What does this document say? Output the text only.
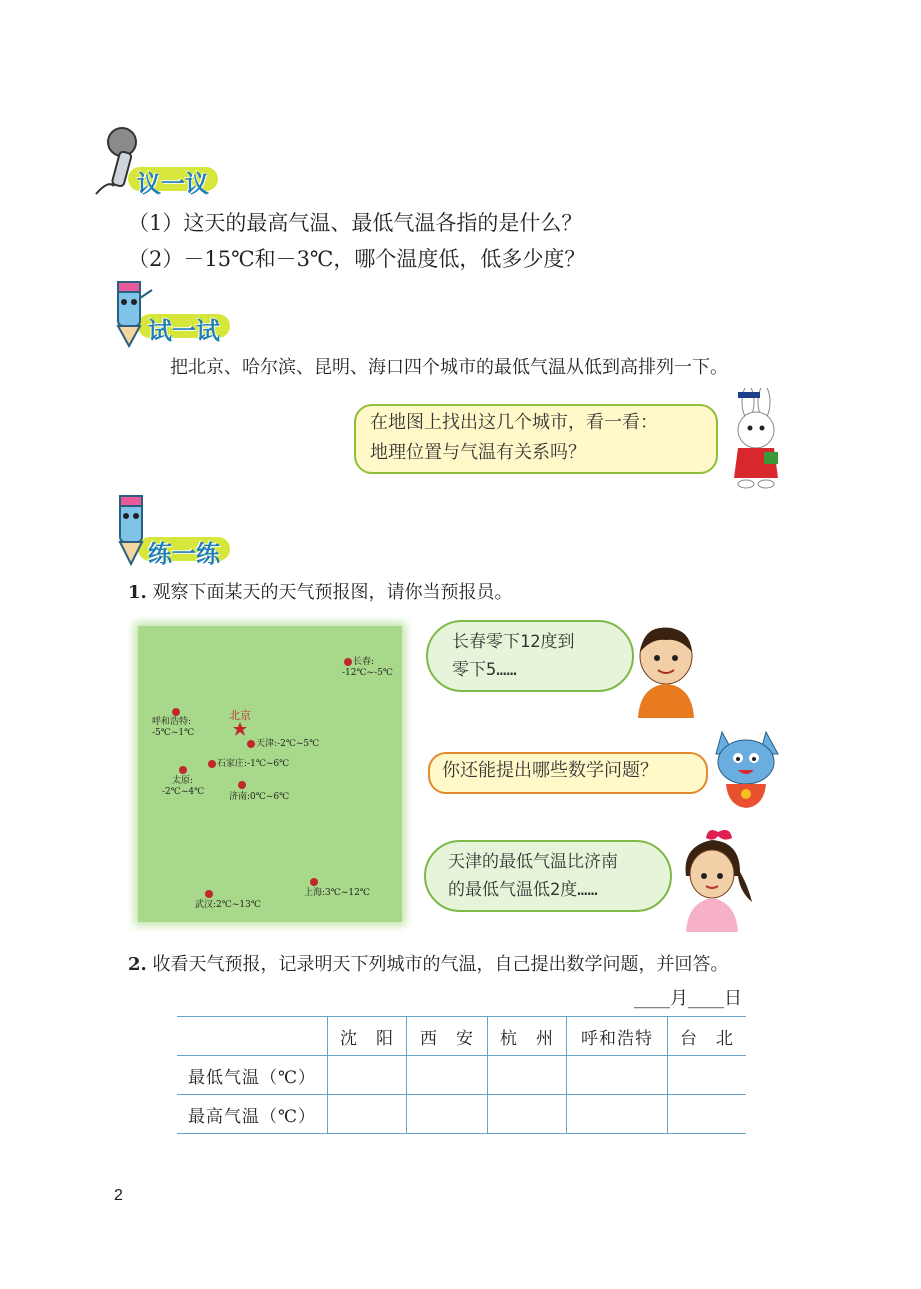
议一议
（1）这天的最高气温、最低气温各指的是什么？
（2）－15℃和－3℃，哪个温度低，低多少度？
试一试
把北京、哈尔滨、昆明、海口四个城市的最低气温从低到高排列一下。
在地图上找出这几个城市，看一看：
地理位置与气温有关系吗？
练一练
1. 观察下面某天的天气预报图，请你当预报员。
长春:
-12℃~-5℃
呼和浩特:
-5℃~1℃
北京
天津:-2℃~5℃
石家庄:-1℃~6℃
太原:
-2℃~4℃	济南:0℃~6℃
上海:3℃~12℃
武汉:2℃~13℃
长春零下12度到
零下5……
你还能提出哪些数学问题？
天津的最低气温比济南
的最低气温低2度……
2. 收看天气预报，记录明天下列城市的气温，自己提出数学问题，并回答。
____月____日
	沈　阳	西　安	杭　州	呼和浩特	台　北
最低气温（℃）					
最高气温（℃）					
2
